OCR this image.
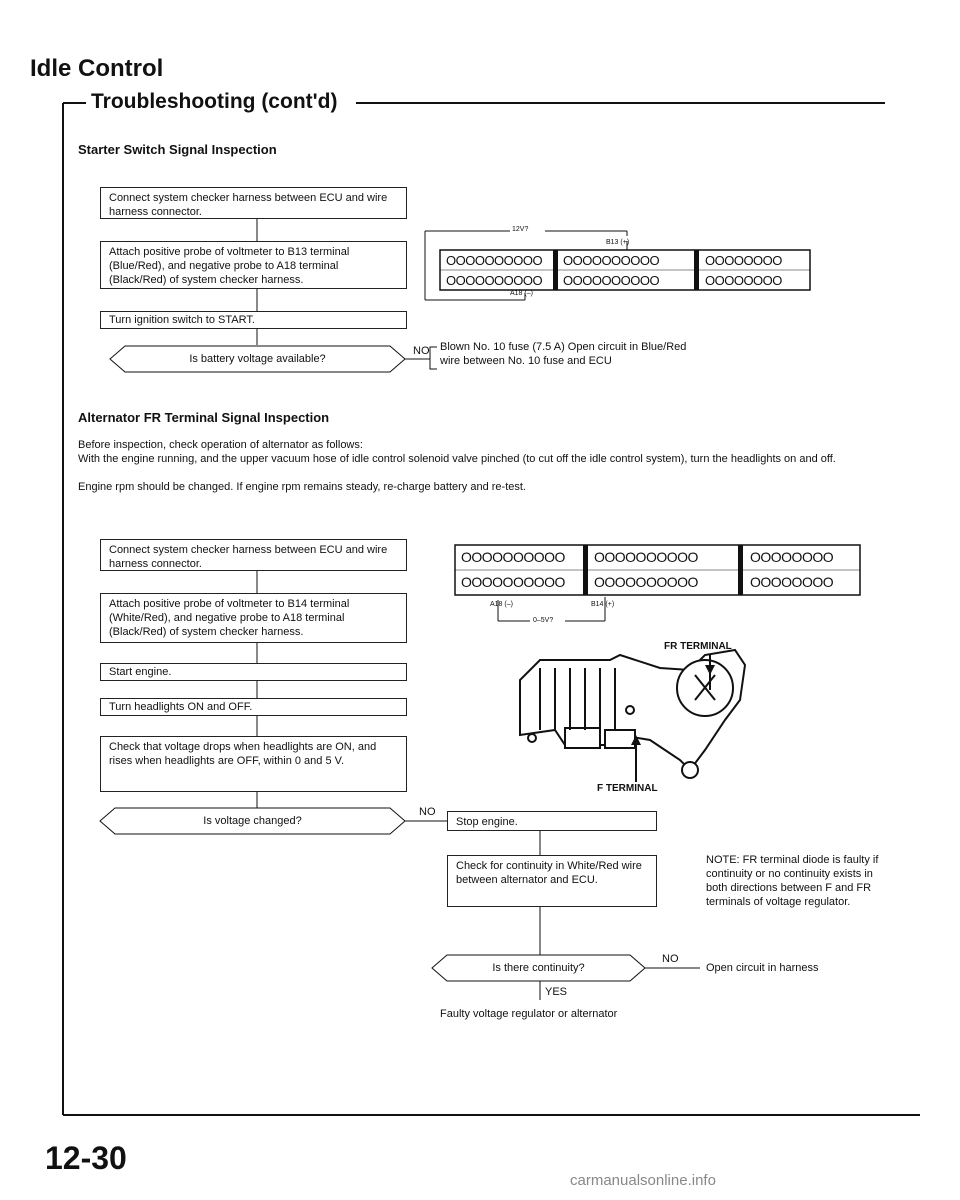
Idle Control
Troubleshooting (cont'd)
Starter Switch Signal Inspection
Connect system checker harness between ECU and wire harness connector.
Attach positive probe of voltmeter to B13 terminal (Blue/Red), and negative probe to A18 terminal (Black/Red) of system checker harness.
Turn ignition switch to START.
Is battery voltage available?
NO Blown No. 10 fuse (7.5 A) Open circuit in Blue/Red wire between No. 10 fuse and ECU
12V?
B13 (+)
A18 (–)
OOOOOOOOOO OOOOOOOOOO	OOOOOOOO
OOOOOOOOOO OOOOOOOOOO	OOOOOOOO
Alternator FR Terminal Signal Inspection
Before inspection, check operation of alternator as follows:
With the engine running, and the upper vacuum hose of idle control solenoid valve pinched (to cut off the idle control system), turn the headlights on and off.
Engine rpm should be changed. If engine rpm remains steady, re-charge battery and re-test.
Connect system checker harness between ECU and wire harness connector.
Attach positive probe of voltmeter to B14 terminal (White/Red), and negative probe to A18 terminal (Black/Red) of system checker harness.
Start engine.
Turn headlights ON and OFF.
Check that voltage drops when headlights are ON, and rises when headlights are OFF, within 0 and 5 V.
Is voltage changed?
NO
Stop engine.
Check for continuity in White/Red wire between alternator and ECU.
Is there continuity?
NO
Open circuit in harness
YES
Faulty voltage regulator or alternator
NOTE: FR terminal diode is faulty if continuity or no continuity exists in both directions between F and FR terminals of voltage regulator.
FR TERMINAL
F TERMINAL
A18 (–)	B14 (+)
0–5V?
OOOOOOOOOO OOOOOOOOOO	OOOOOOOO
OOOOOOOOOO OOOOOOOOOO	OOOOOOOO
12-30
carmanualsonline.info
